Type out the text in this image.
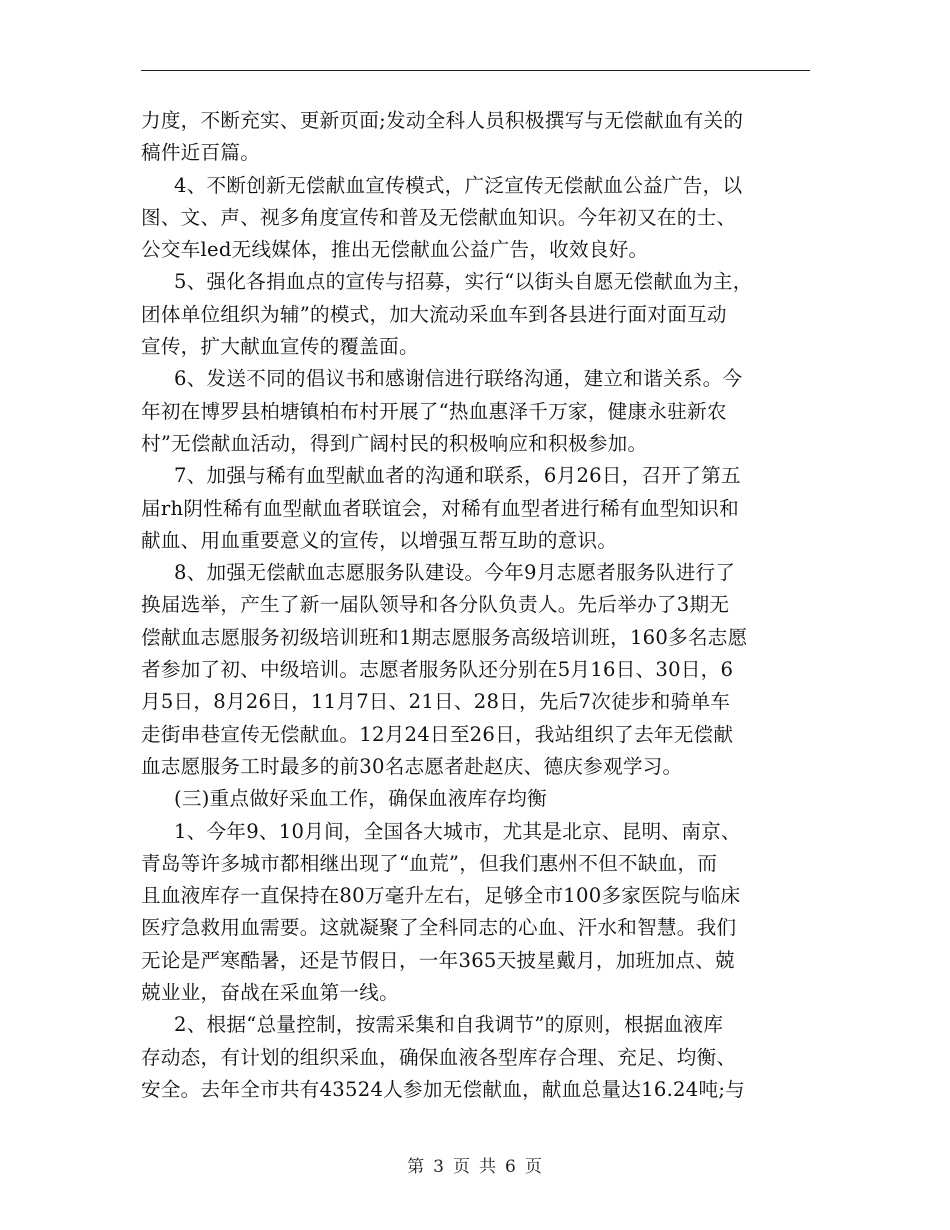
力度，不断充实、更新页面;发动全科人员积极撰写与无偿献血有关的
稿件近百篇。
4、不断创新无偿献血宣传模式，广泛宣传无偿献血公益广告，以
图、文、声、视多角度宣传和普及无偿献血知识。今年初又在的士、
公交车led无线媒体，推出无偿献血公益广告，收效良好。
5、强化各捐血点的宣传与招募，实行“以街头自愿无偿献血为主，
团体单位组织为辅”的模式，加大流动采血车到各县进行面对面互动
宣传，扩大献血宣传的覆盖面。
6、发送不同的倡议书和感谢信进行联络沟通，建立和谐关系。今
年初在博罗县柏塘镇柏布村开展了“热血惠泽千万家，健康永驻新农
村”无偿献血活动，得到广阔村民的积极响应和积极参加。
7、加强与稀有血型献血者的沟通和联系，6月26日，召开了第五
届rh阴性稀有血型献血者联谊会，对稀有血型者进行稀有血型知识和
献血、用血重要意义的宣传，以增强互帮互助的意识。
8、加强无偿献血志愿服务队建设。今年9月志愿者服务队进行了
换届选举，产生了新一届队领导和各分队负责人。先后举办了3期无
偿献血志愿服务初级培训班和1期志愿服务高级培训班，160多名志愿
者参加了初、中级培训。志愿者服务队还分别在5月16日、30日，6
月5日，8月26日，11月7日、21日、28日，先后7次徒步和骑单车
走街串巷宣传无偿献血。12月24日至26日，我站组织了去年无偿献
血志愿服务工时最多的前30名志愿者赴赵庆、德庆参观学习。
(三)重点做好采血工作，确保血液库存均衡
1、今年9、10月间，全国各大城市，尤其是北京、昆明、南京、
青岛等许多城市都相继出现了“血荒”，但我们惠州不但不缺血，而
且血液库存一直保持在80万毫升左右，足够全市100多家医院与临床
医疗急救用血需要。这就凝聚了全科同志的心血、汗水和智慧。我们
无论是严寒酷暑，还是节假日，一年365天披星戴月，加班加点、兢
兢业业，奋战在采血第一线。
2、根据“总量控制，按需采集和自我调节”的原则，根据血液库
存动态，有计划的组织采血，确保血液各型库存合理、充足、均衡、
安全。去年全市共有43524人参加无偿献血，献血总量达16.24吨;与
第 3 页 共 6 页
